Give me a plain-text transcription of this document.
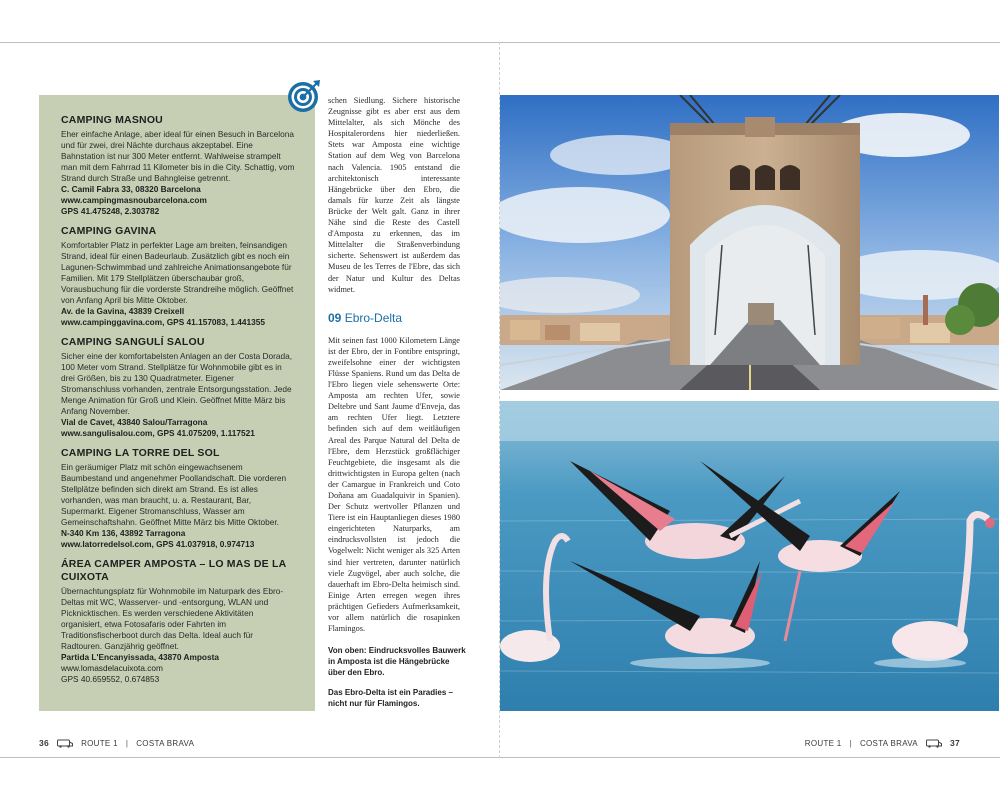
CAMPING MASNOU

Eher einfache Anlage, aber ideal für einen Besuch in Barcelona und für zwei, drei Nächte durchaus akzeptabel. Eine Bahnstation ist nur 300 Meter entfernt. Wahlweise strampelt man mit dem Fahrrad 11 Kilometer bis in die City. Schattig, vom Strand durch Straße und Bahngleise getrennt.

C. Camil Fabra 33, 08320 Barcelona

www.campingmasnoubarcelona.com

GPS 41.475248, 2.303782

CAMPING GAVINA

Komfortabler Platz in perfekter Lage am breiten, feinsandigen Strand, ideal für einen Badeurlaub. Zusätzlich gibt es noch ein Lagunen-Schwimmbad und zahlreiche Animationsangebote für Familien. Mit 179 Stellplätzen überschaubar groß, Vorausbuchung für die vorderste Strandreihe möglich. Geöffnet von Anfang April bis Mitte Oktober.

Av. de la Gavina, 43839 Creixell

www.campinggavina.com, GPS 41.157083, 1.441355

CAMPING SANGULÍ SALOU

Sicher eine der komfortabelsten Anlagen an der Costa Dorada, 100 Meter vom Strand. Stellplätze für Wohnmobile gibt es in drei Größen, bis zu 130 Quadratmeter. Eigener Stromanschluss vorhanden, zentrale Entsorgungsstation. Jede Menge Animation für Groß und Klein. Geöffnet Mitte März bis Anfang November.

Vial de Cavet, 43840 Salou/Tarragona

www.sangulisalou.com, GPS 41.075209, 1.117521

CAMPING LA TORRE DEL SOL

Ein geräumiger Platz mit schön eingewachsenem Baumbestand und angenehmer Poollandschaft. Die vorderen Stellplätze befinden sich direkt am Strand. Es ist alles vorhanden, was man braucht, u. a. Restaurant, Bar, Supermarkt. Eigener Stromanschluss, Wasser am Gemeinschaftshahn. Geöffnet Mitte März bis Mitte Oktober.

N-340 Km 136, 43892 Tarragona

www.latorredelsol.com, GPS 41.037918, 0.974713

ÁREA CAMPER AMPOSTA – LO MAS DE LA CUIXOTA

Übernachtungsplatz für Wohnmobile im Naturpark des Ebro-Deltas mit WC, Wasserver- und -entsorgung, WLAN und Picknicktischen. Es werden verschiedene Aktivitäten organisiert, etwa Fotosafaris oder Fahrten im Traditionsfischerboot durch das Delta. Ideal auch für Radtouren. Ganzjährig geöffnet.

Partida L'Encanyissada, 43870 Amposta

www.lomasdelacuixota.com

GPS 40.659552, 0.674853

schen Siedlung. Sichere historische Zeugnisse gibt es aber erst aus dem Mittelalter, als sich Mönche des Hospitalerordens hier niederließen. Stets war Amposta eine wichtige Station auf dem Weg von Barcelona nach Valencia. 1905 entstand die architektonisch interessante Hängebrücke über den Ebro, die damals für kurze Zeit als längste Brücke der Welt galt. Ganz in ihrer Nähe sind die Reste des Castell d'Amposta zu erkennen, das im Mittelalter die Straßenverbindung sicherte. Sehenswert ist außerdem das Museu de les Terres de l'Ebre, das sich der Natur und Kultur des Deltas widmet.

09 Ebro-Delta

Mit seinen fast 1000 Kilometern Länge ist der Ebro, der in Fontibre entspringt, zweifelsohne einer der wichtigsten Flüsse Spaniens. Rund um das Delta de l'Ebro liegen viele sehenswerte Orte: Amposta am rechten Ufer, sowie Deltebre und Sant Jaume d'Enveja, das am rechten Ufer liegt. Letztere befinden sich auf dem weitläufigen Areal des Parque Natural del Delta de l'Ebre, dem Herzstück großflächiger Feuchtgebiete, die insgesamt als die drittwichtigsten in Europa gelten (nach der Camargue in Frankreich und Coto Doñana am Guadalquivir in Spanien). Der Schutz wertvoller Pflanzen und Tiere ist ein Hauptanliegen dieses 1980 eingerichteten Naturparks, am eindrucksvollsten ist jedoch die Vogelwelt: Nicht weniger als 325 Arten sind hier vertreten, darunter natürlich viele Zugvögel, aber auch solche, die dauerhaft im Ebro-Delta heimisch sind. Einige Arten erregen wegen ihres prächtigen Gefieders Aufmerksamkeit, vor allem natürlich die rosapinken Flamingos.

Von oben: Eindrucksvolles Bauwerk in Amposta ist die Hängebrücke über den Ebro.

Das Ebro-Delta ist ein Paradies – nicht nur für Flamingos.

36	ROUTE 1 | COSTA BRAVA	ROUTE 1 | COSTA BRAVA	37
